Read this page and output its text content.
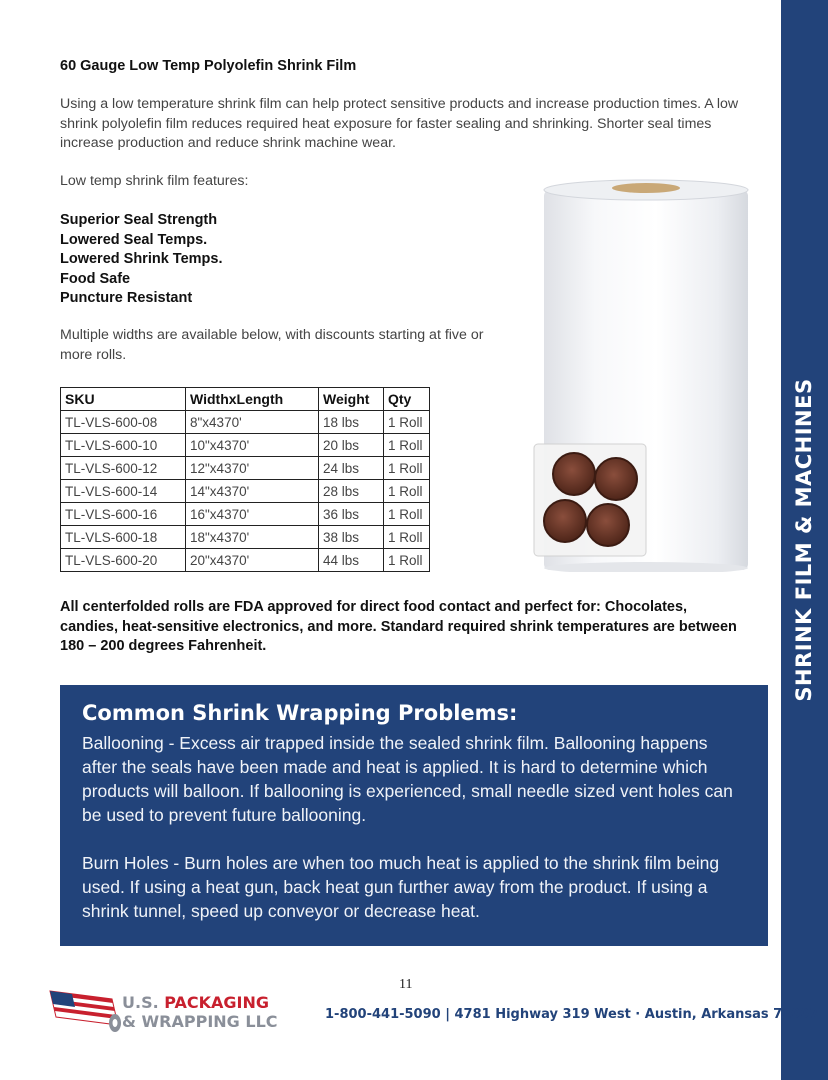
SHRINK FILM & MACHINES
60 Gauge Low Temp Polyolefin Shrink Film
Using a low temperature shrink film can help protect sensitive products and increase production times. A low shrink polyolefin film reduces required heat exposure for faster sealing and shrinking. Shorter seal times increase production and reduce shrink machine wear.
Low temp shrink film features:
Superior Seal Strength
Lowered Seal Temps.
Lowered Shrink Temps.
Food Safe
Puncture Resistant
Multiple widths are available below, with discounts starting at five or more rolls.
SKU	WidthxLength	Weight	Qty
TL-VLS-600-08	8"x4370'	18 lbs	1 Roll
TL-VLS-600-10	10"x4370'	20 lbs	1 Roll
TL-VLS-600-12	12"x4370'	24 lbs	1 Roll
TL-VLS-600-14	14"x4370'	28 lbs	1 Roll
TL-VLS-600-16	16"x4370'	36 lbs	1 Roll
TL-VLS-600-18	18"x4370'	38 lbs	1 Roll
TL-VLS-600-20	20"x4370'	44 lbs	1 Roll
All centerfolded rolls are FDA approved for direct food contact and perfect for: Chocolates, candies, heat-sensitive electronics, and more. Standard required shrink temperatures are between 180 – 200 degrees Fahrenheit.
Common Shrink Wrapping Problems:

Ballooning - Excess air trapped inside the sealed shrink film. Ballooning happens after the seals have been made and heat is applied. It is hard to determine which products will balloon. If ballooning is experienced, small needle sized vent holes can be used to prevent future ballooning.

Burn Holes - Burn holes are when too much heat is applied to the shrink film being used. If using a heat gun, back heat gun further away from the product. If using a shrink tunnel, speed up conveyor or decrease heat.

11
U.S. PACKAGING
& WRAPPING LLC	1-800-441-5090 | 4781 Highway 319 West · Austin, Arkansas 72007
